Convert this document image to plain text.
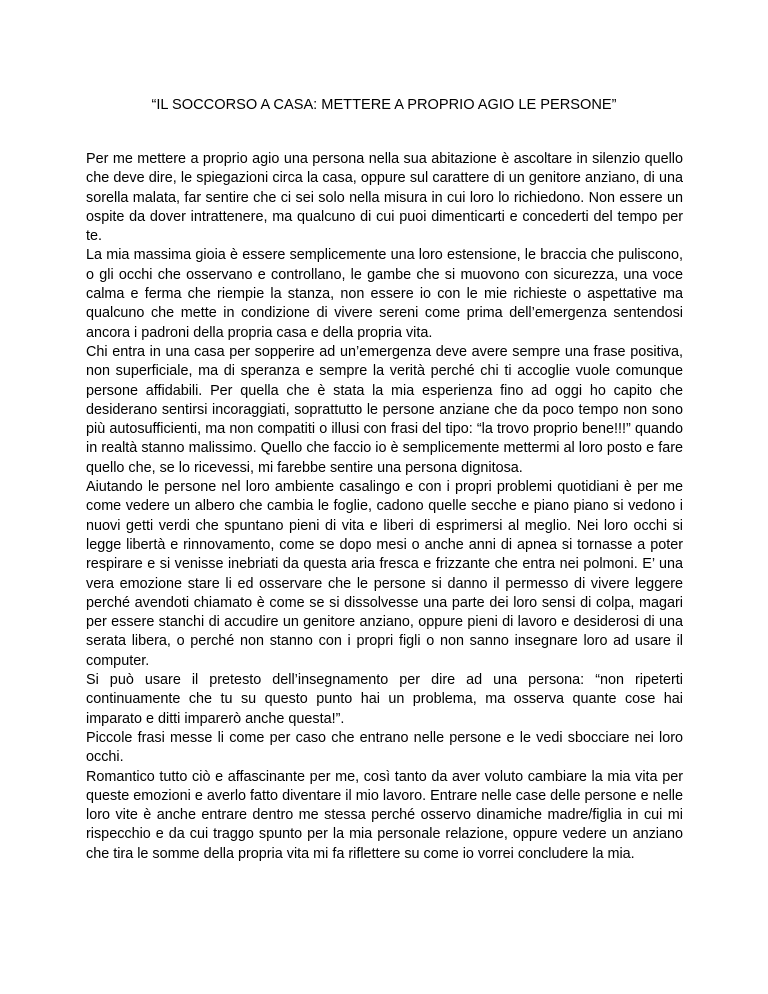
“IL SOCCORSO A CASA: METTERE A PROPRIO AGIO LE PERSONE”

Per me mettere a proprio agio una persona nella sua abitazione è ascoltare in silenzio quello che deve dire, le spiegazioni circa la casa, oppure sul carattere di un genitore anziano, di una sorella malata, far sentire che ci sei solo nella misura in cui loro lo richiedono. Non essere un ospite da dover intrattenere, ma qualcuno di cui puoi dimenticarti e concederti del tempo per te.

La mia massima gioia è essere semplicemente una loro estensione, le braccia che puliscono, o gli occhi che osservano e controllano, le gambe che si muovono con sicurezza, una voce calma e ferma che riempie la stanza, non essere io con le mie richieste o aspettative ma qualcuno che mette in condizione di vivere sereni come prima dell’emergenza sentendosi ancora i padroni della propria casa e della propria vita.

Chi entra in una casa per sopperire ad un’emergenza deve avere sempre una frase positiva, non superficiale, ma di speranza e sempre la verità perché chi ti accoglie vuole comunque persone affidabili. Per quella che è stata la mia esperienza fino ad oggi ho capito che desiderano sentirsi incoraggiati, soprattutto le persone anziane che da poco tempo non sono più autosufficienti, ma non compatiti o illusi con frasi del tipo: “la trovo proprio bene!!!” quando in realtà stanno malissimo. Quello che faccio io è semplicemente mettermi al loro posto e fare quello che, se lo ricevessi, mi farebbe sentire una persona dignitosa.

Aiutando le persone nel loro ambiente casalingo e con i propri problemi quotidiani è per me come vedere un albero che cambia le foglie, cadono quelle secche e piano piano si vedono i nuovi getti verdi che spuntano pieni di vita e liberi di esprimersi al meglio. Nei loro occhi si legge libertà e rinnovamento, come se dopo mesi o anche anni di apnea si tornasse a poter respirare e si venisse inebriati da questa aria fresca e frizzante che entra nei polmoni. E’ una vera emozione stare li ed osservare che le persone si danno il permesso di vivere leggere perché avendoti chiamato è come se si dissolvesse una parte dei loro sensi di colpa, magari per essere stanchi di accudire un genitore anziano, oppure pieni di lavoro e desiderosi di una serata libera, o perché non stanno con i propri figli o non sanno insegnare loro ad usare il computer.

Si può usare il pretesto dell’insegnamento per dire ad una persona: “non ripeterti continuamente che tu su questo punto hai un problema, ma osserva quante cose hai imparato e ditti imparerò anche questa!”.

Piccole frasi messe li come per caso che entrano nelle persone e le vedi sbocciare nei loro occhi.

Romantico tutto ciò e affascinante per me, così tanto da aver voluto cambiare la mia vita per queste emozioni e averlo fatto diventare il mio lavoro. Entrare nelle case delle persone e nelle loro vite è anche entrare dentro me stessa perché osservo dinamiche madre/figlia in cui mi rispecchio e da cui traggo spunto per la mia personale relazione, oppure vedere un anziano che tira le somme della propria vita mi fa riflettere su come io vorrei concludere la mia.
